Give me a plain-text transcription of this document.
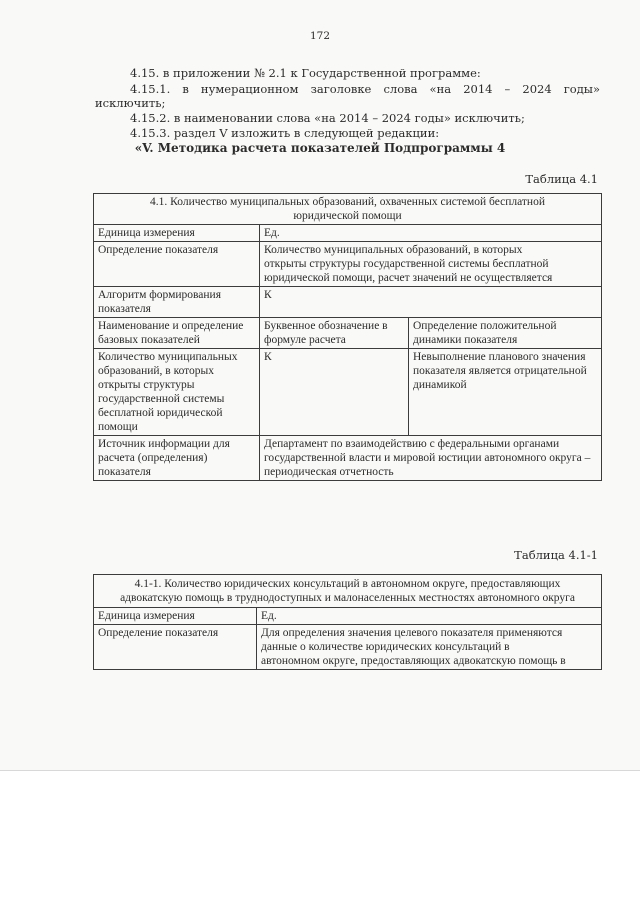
172
4.15. в приложении № 2.1 к Государственной программе:
4.15.1. в нумерационном заголовке слова «на 2014 – 2024 годы»
исключить;
4.15.2. в наименовании слова «на 2014 – 2024 годы» исключить;
4.15.3. раздел V изложить в следующей редакции:
«V. Методика расчета показателей Подпрограммы 4
Таблица 4.1
4.1. Количество муниципальных образований, охваченных системой бесплатной юридической помощи		
Единица измерения	Ед.	
Определение показателя	Количество муниципальных образований, в которых открыты структуры государственной системы бесплатной юридической помощи, расчет значений не осуществляется	
Алгоритм формирования показателя	К	
Наименование и определение базовых показателей	Буквенное обозначение в формуле расчета	Определение положительной динамики показателя
Количество муниципальных образований, в которых открыты структуры государственной системы бесплатной юридической помощи	К	Невыполнение планового значения показателя является отрицательной динамикой
Источник информации для расчета (определения) показателя	Департамент по взаимодействию с федеральными органами государственной власти и мировой юстиции автономного округа – периодическая отчетность	
Таблица 4.1-1
4.1-1. Количество юридических консультаций в автономном округе, предоставляющих адвокатскую помощь в труднодоступных и малонаселенных местностях автономного округа	
Единица измерения	Ед.
Определение показателя	Для определения значения целевого показателя применяются данные о количестве юридических консультаций в автономном округе, предоставляющих адвокатскую помощь в
